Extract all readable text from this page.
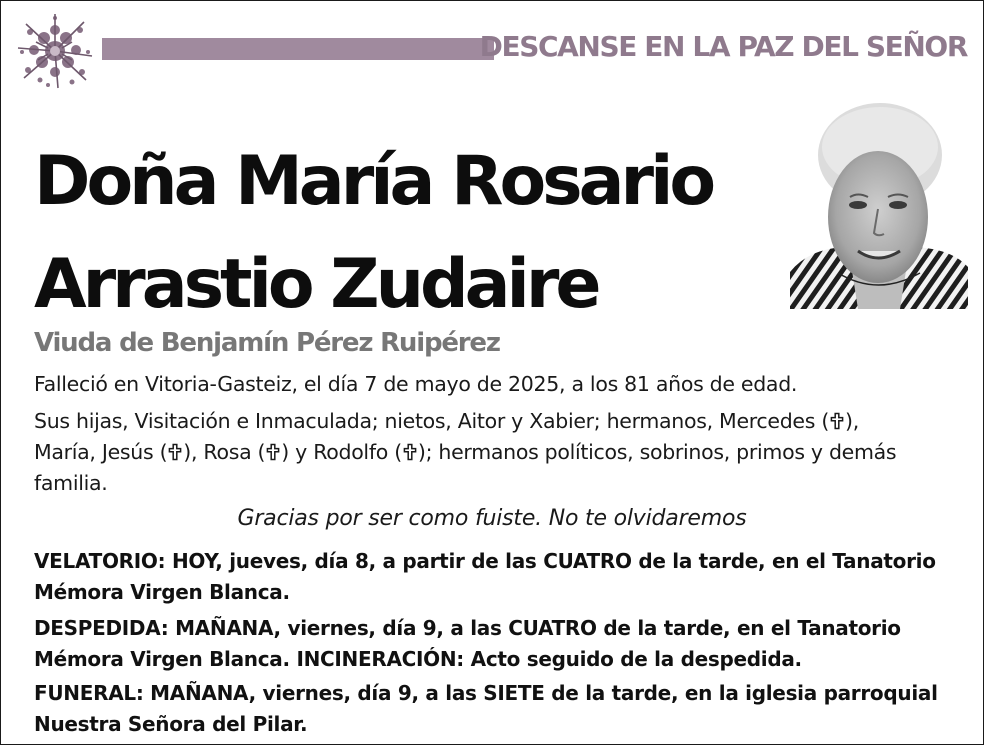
DESCANSE EN LA PAZ DEL SEÑOR
Doña María Rosario
Arrastio Zudaire
Viuda de Benjamín Pérez Ruipérez
Falleció en Vitoria-Gasteiz, el día 7 de mayo de 2025, a los 81 años de edad.
Sus hijas, Visitación e Inmaculada; nietos, Aitor y Xabier; hermanos, Mercedes ( ),
María, Jesús ( ), Rosa ( ) y Rodolfo ( ); hermanos políticos, sobrinos, primos y demás familia.
Gracias por ser como fuiste. No te olvidaremos
VELATORIO: HOY, jueves, día 8, a partir de las CUATRO de la tarde, en el Tanatorio Mémora Virgen Blanca.
DESPEDIDA: MAÑANA, viernes, día 9, a las CUATRO de la tarde, en el Tanatorio Mémora Virgen Blanca. INCINERACIÓN: Acto seguido de la despedida.
FUNERAL: MAÑANA, viernes, día 9, a las SIETE de la tarde, en la iglesia parroquial Nuestra Señora del Pilar.
